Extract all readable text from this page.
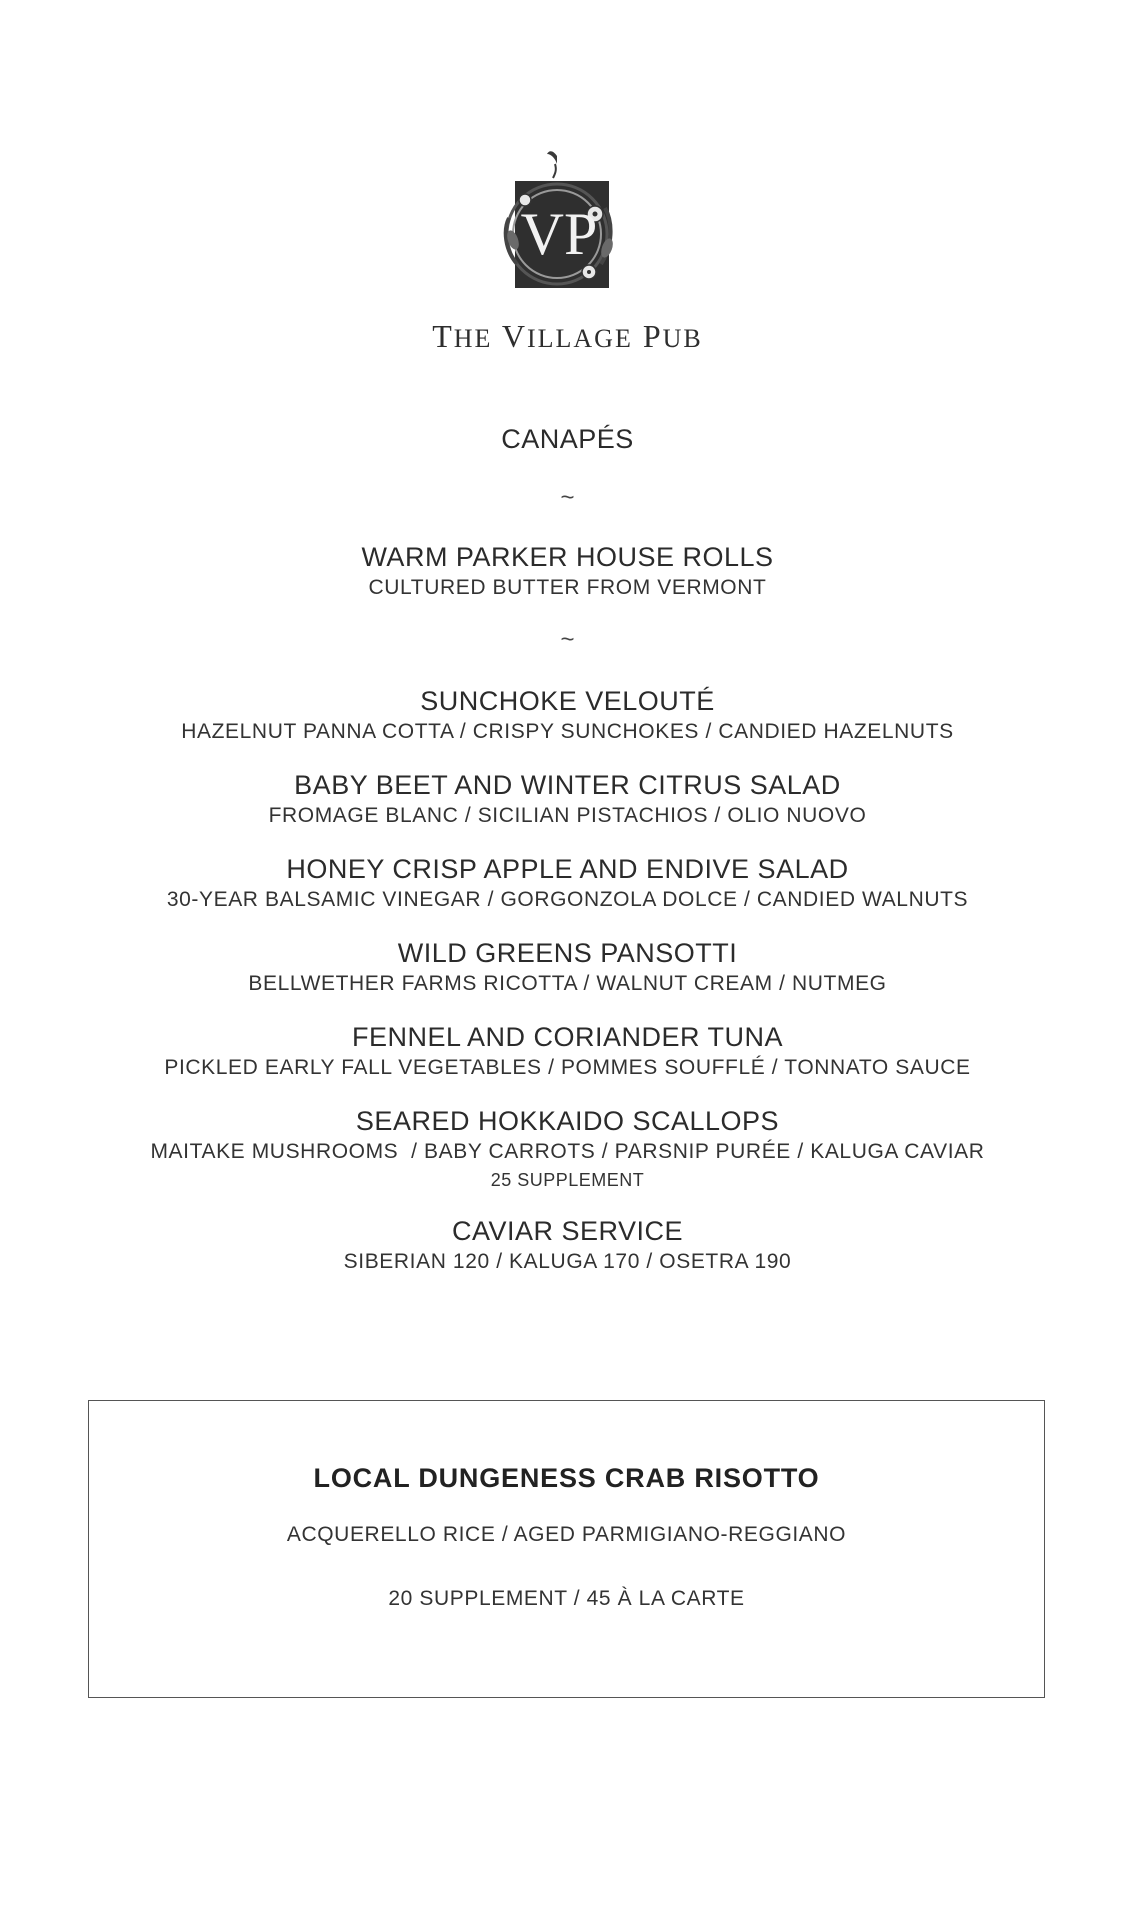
VP
THE VILLAGE PUB
CANAPÉS
~
WARM PARKER HOUSE ROLLS
CULTURED BUTTER FROM VERMONT
~
SUNCHOKE VELOUTÉ
HAZELNUT PANNA COTTA / CRISPY SUNCHOKES / CANDIED HAZELNUTS
BABY BEET AND WINTER CITRUS SALAD
FROMAGE BLANC / SICILIAN PISTACHIOS / OLIO NUOVO
HONEY CRISP APPLE AND ENDIVE SALAD
30-YEAR BALSAMIC VINEGAR / GORGONZOLA DOLCE / CANDIED WALNUTS
WILD GREENS PANSOTTI
BELLWETHER FARMS RICOTTA / WALNUT CREAM / NUTMEG
FENNEL AND CORIANDER TUNA
PICKLED EARLY FALL VEGETABLES / POMMES SOUFFLÉ / TONNATO SAUCE
SEARED HOKKAIDO SCALLOPS
MAITAKE MUSHROOMS  / BABY CARROTS / PARSNIP PURÉE / KALUGA CAVIAR
25 SUPPLEMENT
CAVIAR SERVICE
SIBERIAN 120 / KALUGA 170 / OSETRA 190
LOCAL DUNGENESS CRAB RISOTTO
ACQUERELLO RICE / AGED PARMIGIANO-REGGIANO
20 SUPPLEMENT / 45 À LA CARTE
